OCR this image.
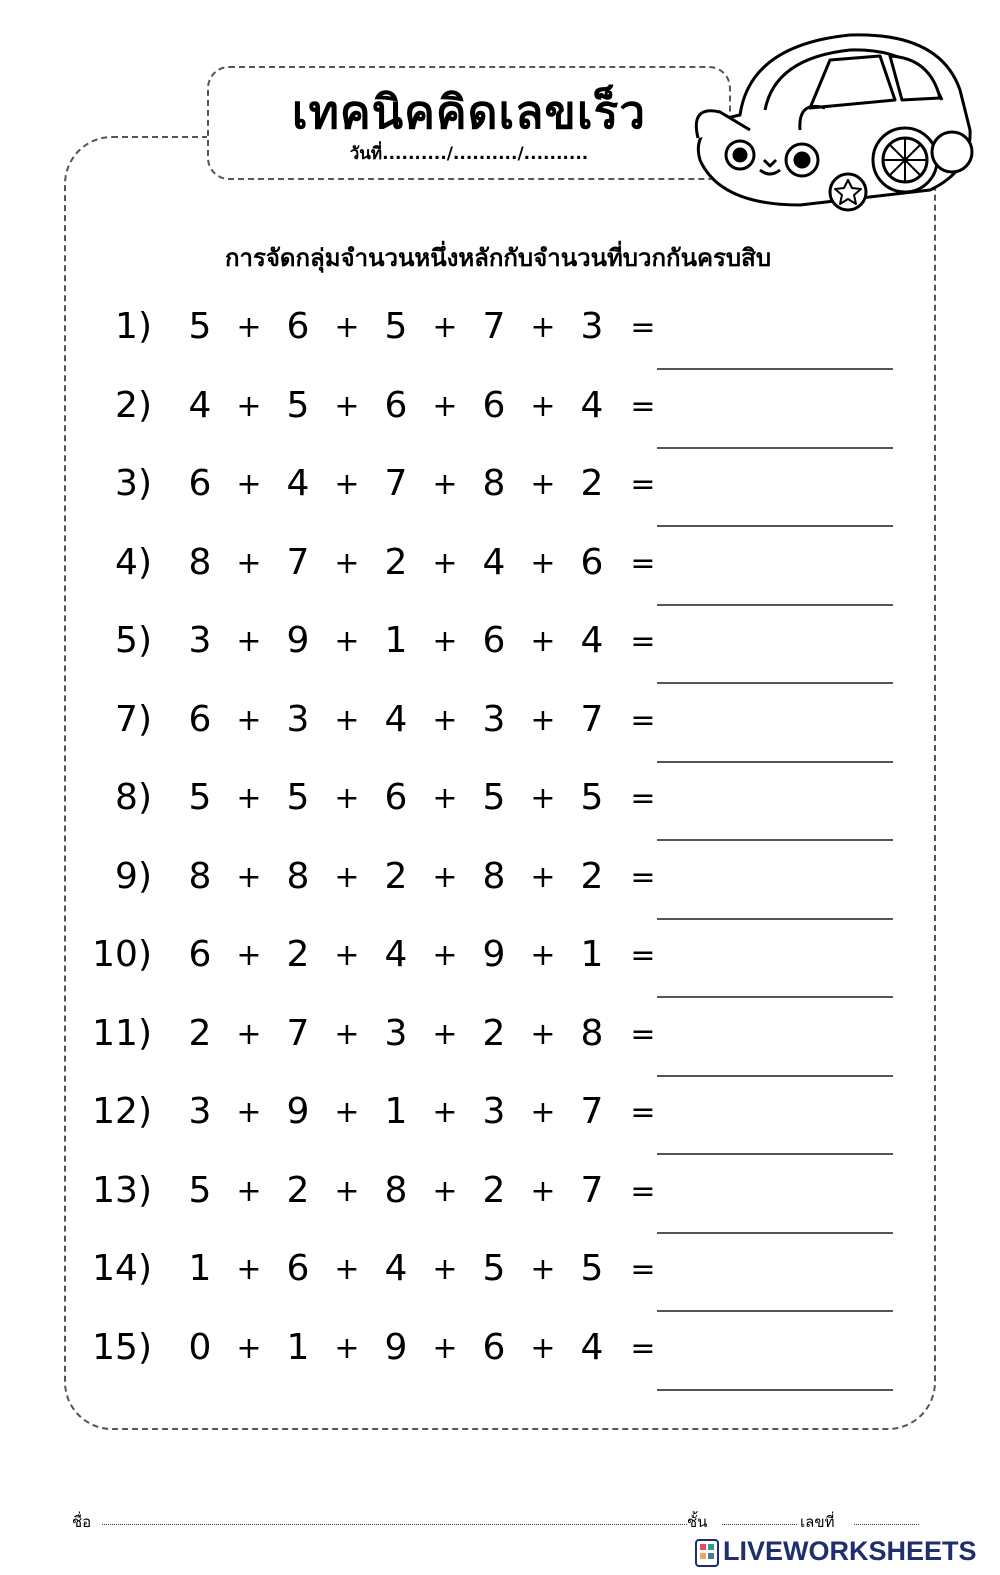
เทคนิคคิดเลขเร็ว
วันที่........../........../..........
การจัดกลุ่มจำนวนหนึ่งหลักกับจำนวนที่บวกกันครบสิบ
1) 5 + 6 + 5 + 7 + 3 =
2) 4 + 5 + 6 + 6 + 4 =
3) 6 + 4 + 7 + 8 + 2 =
4) 8 + 7 + 2 + 4 + 6 =
5) 3 + 9 + 1 + 6 + 4 =
7) 6 + 3 + 4 + 3 + 7 =
8) 5 + 5 + 6 + 5 + 5 =
9) 8 + 8 + 2 + 8 + 2 =
10) 6 + 2 + 4 + 9 + 1 =
11) 2 + 7 + 3 + 2 + 8 =
12) 3 + 9 + 1 + 3 + 7 =
13) 5 + 2 + 8 + 2 + 7 =
14) 1 + 6 + 4 + 5 + 5 =
15) 0 + 1 + 9 + 6 + 4 =
ชื่อ	ชั้น	เลขที่
LIVEWORKSHEETS
